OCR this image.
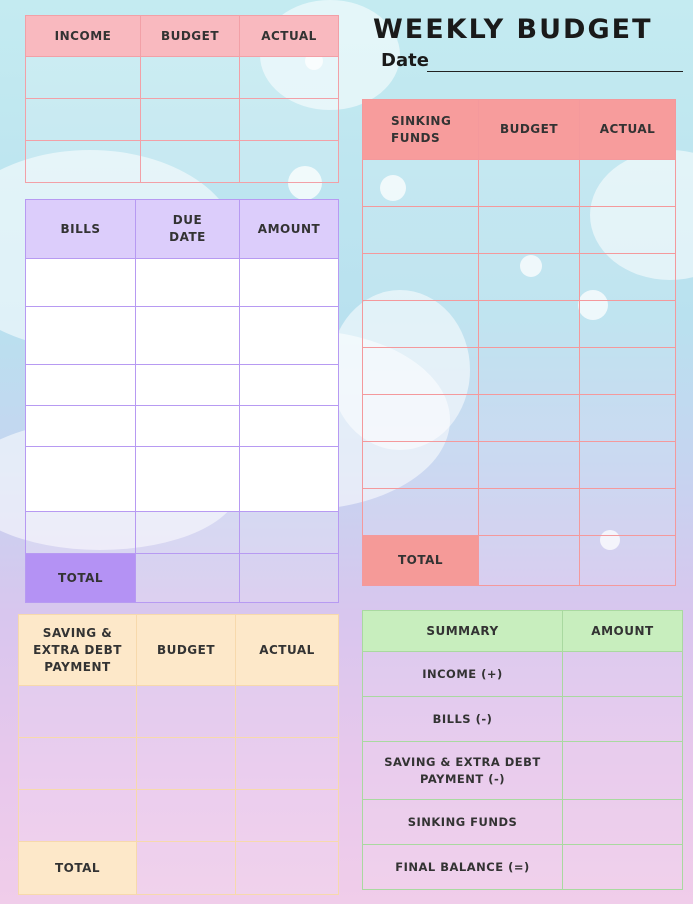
WEEKLY BUDGET
Date
INCOME	BUDGET	ACTUAL

BILLS	DUE DATE	AMOUNT

TOTAL		
SINKING FUNDS	BUDGET	ACTUAL

TOTAL		
SAVING & EXTRA DEBT PAYMENT	BUDGET	ACTUAL

TOTAL		
SUMMARY	AMOUNT
INCOME (+)	
BILLS (-)	
SAVING & EXTRA DEBT PAYMENT (-)	
SINKING FUNDS	
FINAL BALANCE (=)	
